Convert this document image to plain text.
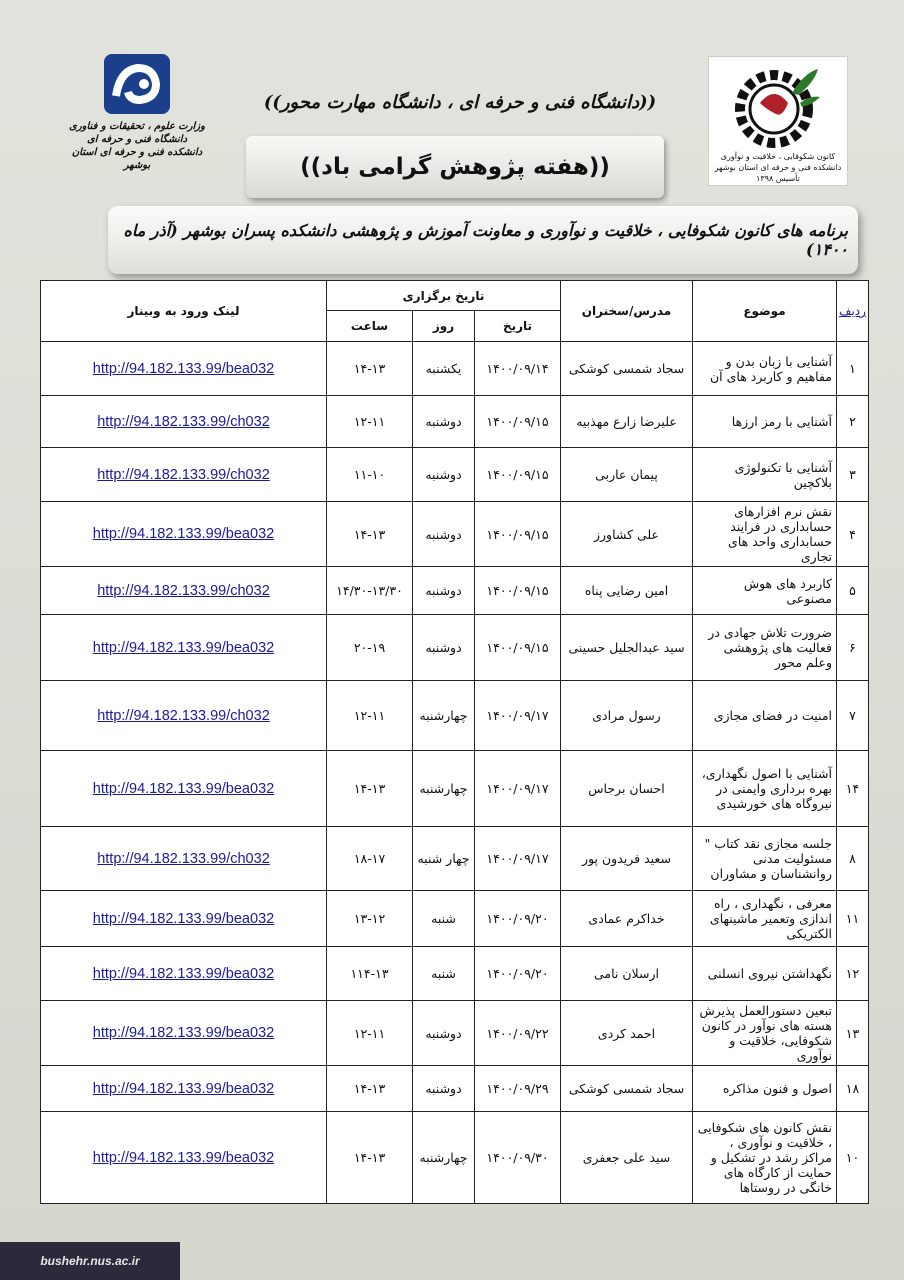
کانون شکوفایی ، خلاقیت و نوآوری
دانشکده فنی و حرفه ای استان بوشهر
تأسیس ۱۳۹۸
وزارت علوم ، تحقیقات و فناوری
دانشگاه فنی و حرفه ای
دانشکده فنی و حرفه ای استان بوشهر
((دانشگاه فنی و حرفه ای ، دانشگاه مهارت محور))
((هفته پژوهش گرامی باد))
برنامه های کانون شکوفایی ، خلاقیت و نوآوری و معاونت آموزش و پژوهشی دانشکده پسران بوشهر (آذر ماه ۱۴۰۰)
ردیف	موضوع	مدرس/سخنران	تاریخ برگزاری			لینک ورود به وبینار
			تاریخ	روز	ساعت	
۱	آشنایی با زبان بدن و مفاهیم و کاربرد های آن	سجاد شمسی کوشکی	۱۴۰۰/۰۹/۱۴	یکشنبه	۱۴-۱۳	http://94.182.133.99/bea032
۲	آشنایی با رمز ارزها	علیرضا زارع مهذبیه	۱۴۰۰/۰۹/۱۵	دوشنبه	۱۲-۱۱	http://94.182.133.99/ch032
۳	آشنایی با تکنولوژی بلاکچین	پیمان عاربی	۱۴۰۰/۰۹/۱۵	دوشنبه	۱۱-۱۰	http://94.182.133.99/ch032
۴	نقش نرم افزارهای حسابداری در فرایند حسابداری واحد های تجاری	علی کشاورز	۱۴۰۰/۰۹/۱۵	دوشنبه	۱۴-۱۳	http://94.182.133.99/bea032
۵	کاربرد های هوش مصنوعی	امین رضایی پناه	۱۴۰۰/۰۹/۱۵	دوشنبه	۱۴/۳۰-۱۳/۳۰	http://94.182.133.99/ch032
۶	ضرورت تلاش جهادی در فعالیت های پژوهشی وعلم محور	سید عبدالجلیل حسینی	۱۴۰۰/۰۹/۱۵	دوشنبه	۲۰-۱۹	http://94.182.133.99/bea032
۷	امنیت در فضای مجازی	رسول مرادی	۱۴۰۰/۰۹/۱۷	چهارشنبه	۱۲-۱۱	http://94.182.133.99/ch032
۱۴	آشنایی با اصول نگهداری، بهره برداری وایمنی در نیروگاه های خورشیدی	احسان برجاس	۱۴۰۰/۰۹/۱۷	چهارشنبه	۱۴-۱۳	http://94.182.133.99/bea032
۸	جلسه مجازی نقد کتاب " مسئولیت مدنی روانشناسان و مشاوران	سعید فریدون پور	۱۴۰۰/۰۹/۱۷	چهار شنبه	۱۸-۱۷	http://94.182.133.99/ch032
۱۱	معرفی ، نگهداری ، راه اندازی وتعمیر ماشینهای الکتریکی	خداکرم عمادی	۱۴۰۰/۰۹/۲۰	شنبه	۱۳-۱۲	http://94.182.133.99/bea032
۱۲	نگهداشتن نیروی انسلنی	ارسلان نامی	۱۴۰۰/۰۹/۲۰	شنبه	۱۱۴-۱۳	http://94.182.133.99/bea032
۱۳	تبعین دستورالعمل پذیرش هسته های نوآور در کانون شکوفایی، خلاقیت و نوآوری	احمد کردی	۱۴۰۰/۰۹/۲۲	دوشنبه	۱۲-۱۱	http://94.182.133.99/bea032
۱۸	اصول و فنون مذاکره	سجاد شمسی کوشکی	۱۴۰۰/۰۹/۲۹	دوشنبه	۱۴-۱۳	http://94.182.133.99/bea032
۱۰	نقش کانون های شکوفایی ، خلاقیت و نوآوری ، مراکز رشد در تشکیل و حمایت از کارگاه های خانگی در روستاها	سید علی جعفری	۱۴۰۰/۰۹/۳۰	چهارشنبه	۱۴-۱۳	http://94.182.133.99/bea032
bushehr.nus.ac.ir
